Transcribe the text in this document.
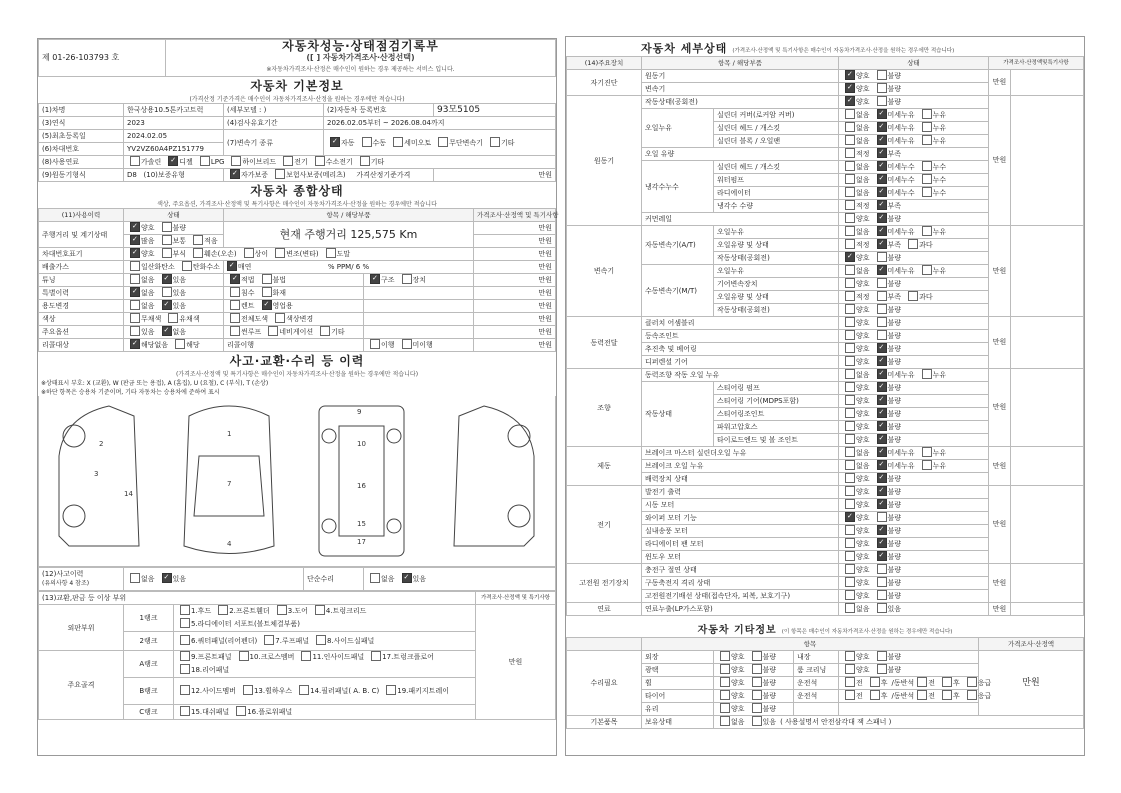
제 01-26-103793 호	
자동차성능·상태점검기록부
([ ] 자동차가격조사·산정선택)
※자동차가격조사·산정은 매수인이 원하는 경우 제공하는 서비스 입니다.
자동차 기본정보
(가격산정 기준가격은 매수인이 자동차가격조사·산정을 원하는 경우에만 적습니다)
(1)차명	한국상용10.5톤카고트럭	(세부모델 : )	(2)자동차 등록번호	93모5105
(3)연식	2023	(4)검사유효기간	2026.02.05부터 ~ 2026.08.04까지	
(5)최초등록일	2024.02.05	(7)변속기 종류	✓자동 수동 세미오토 무단변속기 기타
(6)차대번호	YV2VZ60A4PZ151779			
(8)사용연료	가솔린 ✓ 디젤 LPG 하이브리드 전기 수소전기 기타
(9)원동기형식	D8 (10)보증유형	✓자가보증 보험사보증(메리츠) 가격산정기준가격		만원
자동차 종합상태
색상, 주요옵션, 가격조사·산정액 및 특기사항은 매수인이 자동차가격조사·산정을 원하는 경우에만 적습니다
(11)사용이력	상태	항목 / 해당부품		가격조사·산정액 및 특기사항
주행거리 및 계기상태	✓양호 불량	현재 주행거리 125,575 Km		만원
✓많음 보통 적음			만원
차대번호표기	✓양호 부식 훼손(오손) 상이 변조(변타) 도말			만원
배출가스	일산화탄소 탄화수소 ✓ 매연	% PPM/ 6 %		만원
튜닝	없음 ✓ 있음	✓적법 불법	✓구조 장치	만원
특별이력	✓없음 있음	침수 화재		만원
용도변경	없음 ✓ 있음	렌트 ✓ 영업용		만원
색상	무채색 유채색	전체도색 색상변경		만원
주요옵션	있음 ✓ 없음	썬루프 네비게이션 기타		만원
리콜대상	✓해당없음 해당	리콜이행	이행 미이행	만원
사고·교환·수리 등 이력
(가격조사·산정액 및 특기사항은 매수인이 자동차가격조사·산정을 원하는 경우에만 적습니다)
※상태표시 부호: X (교환), W (판금 또는 용접), A (흠집), U (요철), C (부식), T (손상)
※하단 항목은 승용차 기준이며, 기타 자동차는 승용차에 준하여 표시
1
2
3
4
7
9
10
16
15
17
14
(12)사고이력
(유의사항 4 참조)
	없음 ✓	있음	단순수리	없음 ✓	있음
(13)교환,판금 등 이상 부위			가격조사·산정액 및 특기사항
외판부위	1랭크	1.후드 2.프론트휀더 3.도어 4.트렁크리드5.라디에이터 서포트(볼트체결부품)	만원
	2랭크	6.쿼터패널(리어펜더) 7.루프패널 8.사이드실패널	
주요골격	A랭크	9.프론트패널 10.크로스멤버 11.인사이드패널 17.트렁크플로어18.리어패널	
	B랭크	12.사이드멤버 13.휠하우스 14.필러패널( A. B. C) 19.패키지트레이	
	C랭크	15.대쉬패널 16.플로워패널	
자동차 세부상태 (가격조사·산정액 및 특기사항은 매수인이 자동차가격조사·산정을 원하는 경우에만 적습니다)
(14)주요장치	항목 / 해당부품		상태	가격조사·산정액및특기사항	
자기진단	원동기	✓양호 불량	만원	
	변속기	✓양호 불량
원동기	작동상태(공회전)	✓양호 불량	만원	
	오일누유	실린더 커버(로커암 커버)	없음 ✓ 미세누유 누유
		실린더 헤드 / 개스킷	없음 ✓ 미세누유 누유
		실린더 블록 / 오일팬	없음 ✓ 미세누유 누유
	오일 유량		적정 ✓ 부족
	냉각수누수	실린더 헤드 / 개스킷	없음 ✓ 미세누수 누수
		워터펌프	없음 ✓ 미세누수 누수
		라디에이터	없음 ✓ 미세누수 누수
		냉각수 수량	적정 ✓ 부족
	커먼레일		양호 ✓ 불량
변속기	자동변속기(A/T)	오일누유	없음 ✓ 미세누유 누유	만원	
		오일유량 및 상태	적정 ✓ 부족 과다
		작동상태(공회전)	✓양호 불량
	수동변속기(M/T)	오일누유	없음 ✓ 미세누유 누유
		기어변속장치	양호 불량		
		오일유량 및 상태	적정 부족 과다		
		작동상태(공회전)	양호 불량		
동력전달	클러치 어셈블리		양호 불량	만원	
	등속조인트		양호 불량		
	추진축 및 베어링		양호 ✓ 불량
	디퍼렌셜 기어		양호 ✓ 불량
조향	동력조향 작동 오일 누유		없음 ✓ 미세누유 누유	만원	
	작동상태	스티어링 펌프	양호 ✓ 불량
		스티어링 기어(MDPS포함)	양호 ✓ 불량
		스티어링조인트	양호 ✓ 불량
		파워고압호스	양호 ✓ 불량
		타이로드엔드 및 볼 조인트	양호 ✓ 불량
제동	브레이크 마스터 실린더오일 누유		없음 ✓ 미세누유 누유	만원	
	브레이크 오일 누유		없음 ✓ 미세누유 누유
	배력장치 상태		양호 ✓ 불량
전기	발전기 출력		양호 ✓ 불량	만원	
	시동 모터		양호 ✓ 불량
	와이퍼 모터 기능	✓양호 불량
	실내송풍 모터		양호 ✓ 불량
	라디에이터 팬 모터		양호 ✓ 불량
	윈도우 모터		양호 ✓ 불량
고전원 전기장치	충전구 절연 상태		양호 불량	만원	
	구동축전지 격리 상태		양호 불량		
	고전원전기배선 상태(접속단자, 피복, 보호기구)		양호 불량		
연료	연료누출(LP가스포함)		없음 있음	만원	
자동차 기타정보 (이 항목은 매수인이 자동차가격조사·산정을 원하는 경우에만 적습니다)
	항목				가격조사·산정액
수리필요	외장	양호 불량	내장	양호 불량	만원
	광택	양호 불량	룸 크리닝	양호 불량	
	휠	양호 불량	운전석	전 후 /동반석 전 후 응급	
	타이어	양호 불량	운전석	전 후 /동반석 전 후 응급	
	유리	양호 불량			
기본품목	보유상태	없음 있음 ( 사용설명서 안전삼각대 잭 스패너 )			
